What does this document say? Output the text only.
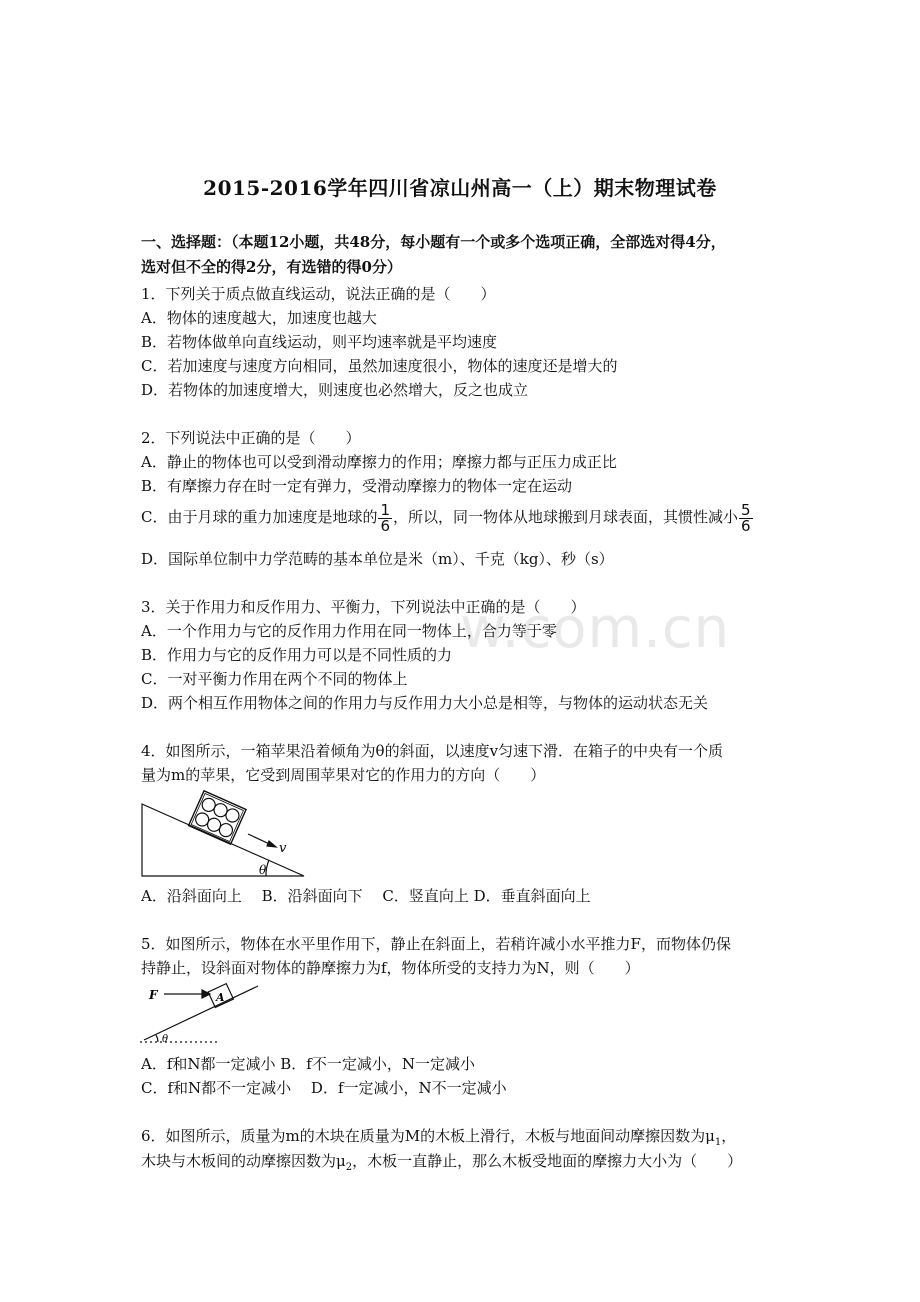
w.com.cn
2015-2016学年四川省凉山州高一（上）期末物理试卷
一、选择题：（本题12小题，共48分，每小题有一个或多个选项正确，全部选对得4分，
选对但不全的得2分，有选错的得0分）
1．下列关于质点做直线运动，说法正确的是（　　）
A．物体的速度越大，加速度也越大
B．若物体做单向直线运动，则平均速率就是平均速度
C．若加速度与速度方向相同，虽然加速度很小，物体的速度还是增大的
D．若物体的加速度增大，则速度也必然增大，反之也成立
2．下列说法中正确的是（　　）
A．静止的物体也可以受到滑动摩擦力的作用；摩擦力都与正压力成正比
B．有摩擦力存在时一定有弹力，受滑动摩擦力的物体一定在运动
C．由于月球的重力加速度是地球的 $\frac{1}{6}$ ，所以，同一物体从地球搬到月球表面，其惯性减小 $\frac{5}{6}$
D．国际单位制中力学范畴的基本单位是米（m）、千克（kg）、秒（s）
3．关于作用力和反作用力、平衡力，下列说法中正确的是（　　）
A．一个作用力与它的反作用力作用在同一物体上，合力等于零
B．作用力与它的反作用力可以是不同性质的力
C．一对平衡力作用在两个不同的物体上
D．两个相互作用物体之间的作用力与反作用力大小总是相等，与物体的运动状态无关
4．如图所示，一箱苹果沿着倾角为θ的斜面，以速度v匀速下滑．在箱子的中央有一个质
量为m的苹果，它受到周围苹果对它的作用力的方向（　　）
v
θ
A．沿斜面向上　 B．沿斜面向下　 C．竖直向上 D．垂直斜面向上
5．如图所示，物体在水平里作用下，静止在斜面上，若稍许减小水平推力F，而物体仍保
持静止，设斜面对物体的静摩擦力为f，物体所受的支持力为N，则（　　）
F	A
θ
A．f和N都一定减小 B．f不一定减小，N一定减小
C．f和N都不一定减小　 D．f一定减小，N不一定减小
6．如图所示，质量为m的木块在质量为M的木板上滑行，木板与地面间动摩擦因数为$\mu_1$，
木块与木板间的动摩擦因数为$\mu_2$，木板一直静止，那么木板受地面的摩擦力大小为（　　）
